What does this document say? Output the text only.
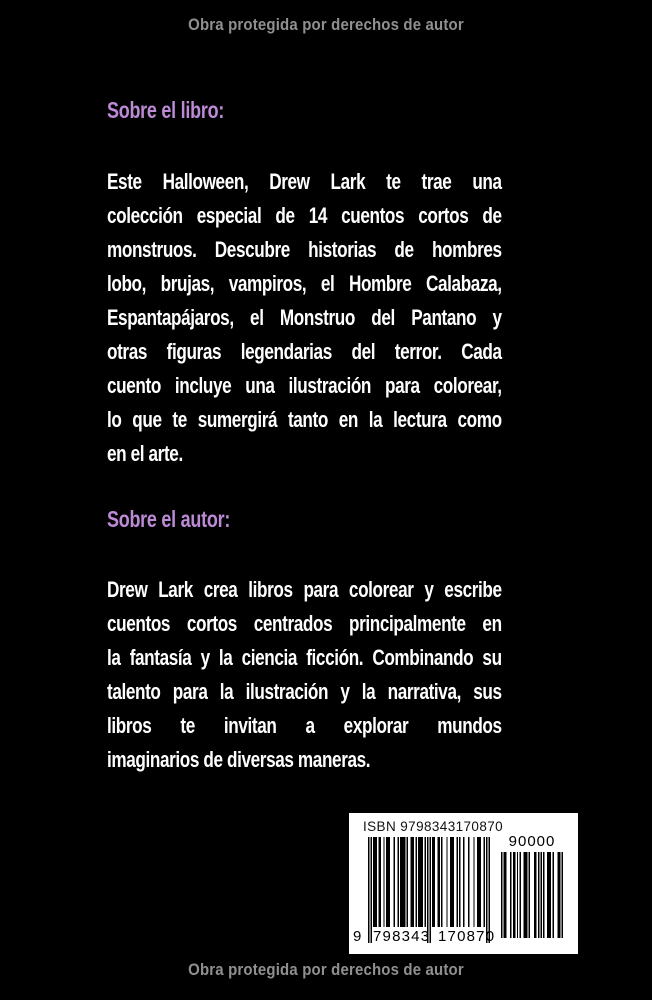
Obra protegida por derechos de autor
Sobre el libro:
Este Halloween, Drew Lark te trae una
colección especial de 14 cuentos cortos de
monstruos. Descubre historias de hombres
lobo, brujas, vampiros, el Hombre Calabaza,
Espantapájaros, el Monstruo del Pantano y
otras figuras legendarias del terror. Cada
cuento incluye una ilustración para colorear,
lo que te sumergirá tanto en la lectura como
en el arte.
Sobre el autor:
Drew Lark crea libros para colorear y escribe
cuentos cortos centrados principalmente en
la fantasía y la ciencia ficción. Combinando su
talento para la ilustración y la narrativa, sus
libros te invitan a explorar mundos
imaginarios de diversas maneras.
ISBN 9798343170870
9 798343 170870
90000
Obra protegida por derechos de autor
